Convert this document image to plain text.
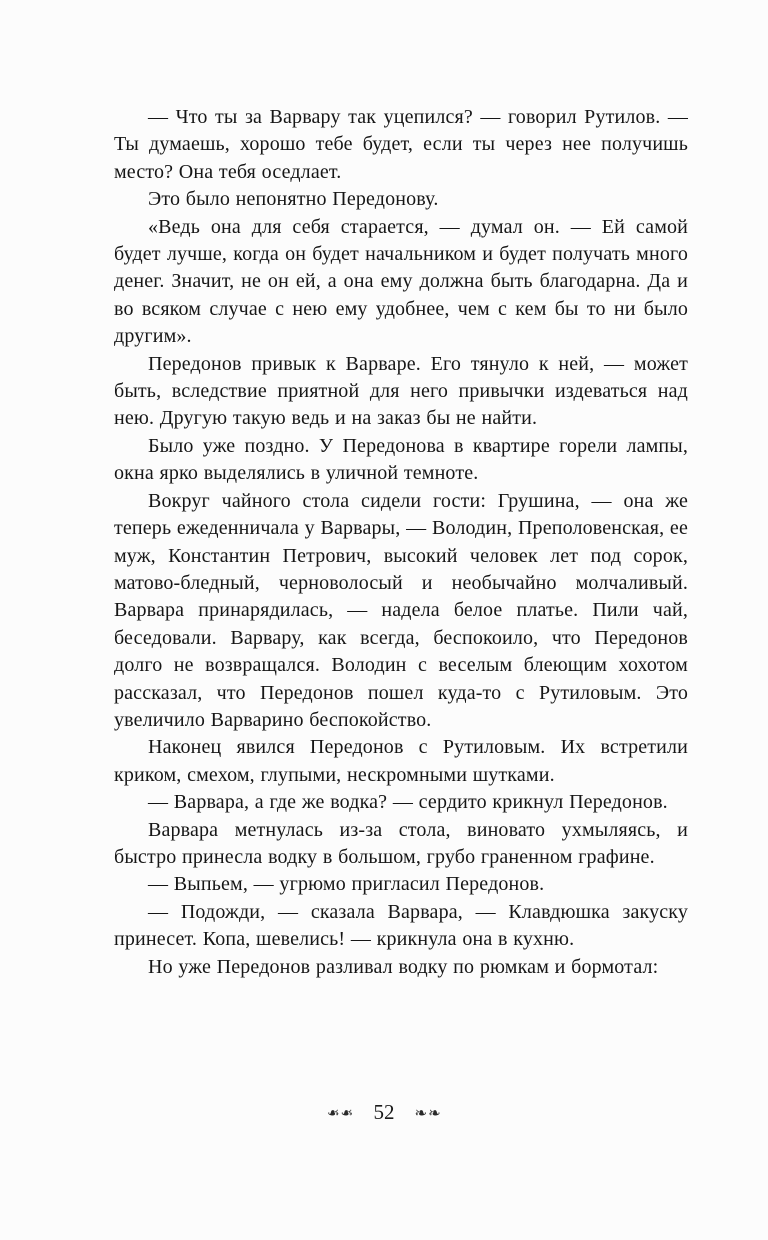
— Что ты за Варвару так уцепился? — говорил Рутилов. — Ты думаешь, хорошо тебе будет, если ты через нее получишь место? Она тебя оседлает.

Это было непонятно Передонову.

«Ведь она для себя старается, — думал он. — Ей самой будет лучше, когда он будет начальником и будет получать много денег. Значит, не он ей, а она ему должна быть благодарна. Да и во всяком случае с нею ему удобнее, чем с кем бы то ни было другим».

Передонов привык к Варваре. Его тянуло к ней, — может быть, вследствие приятной для него привычки издеваться над нею. Другую такую ведь и на заказ бы не найти.

Было уже поздно. У Передонова в квартире горели лампы, окна ярко выделялись в уличной темноте.

Вокруг чайного стола сидели гости: Грушина, — она же теперь ежеденничала у Варвары, — Володин, Преполовенская, ее муж, Константин Петрович, высокий человек лет под сорок, матово-бледный, черноволосый и необычайно молчаливый. Варвара принарядилась, — надела белое платье. Пили чай, беседовали. Варвару, как всегда, беспокоило, что Передонов долго не возвращался. Володин с веселым блеющим хохотом рассказал, что Передонов пошел куда-то с Рутиловым. Это увеличило Варварино беспокойство.

Наконец явился Передонов с Рутиловым. Их встретили криком, смехом, глупыми, нескромными шутками.

— Варвара, а где же водка? — сердито крикнул Передонов.

Варвара метнулась из-за стола, виновато ухмыляясь, и быстро принесла водку в большом, грубо граненном графине.

— Выпьем, — угрюмо пригласил Передонов.

— Подожди, — сказала Варвара, — Клавдюшка закуску принесет. Копа, шевелись! — крикнула она в кухню.

Но уже Передонов разливал водку по рюмкам и бормотал:

❧❧ 52 ❧❧
